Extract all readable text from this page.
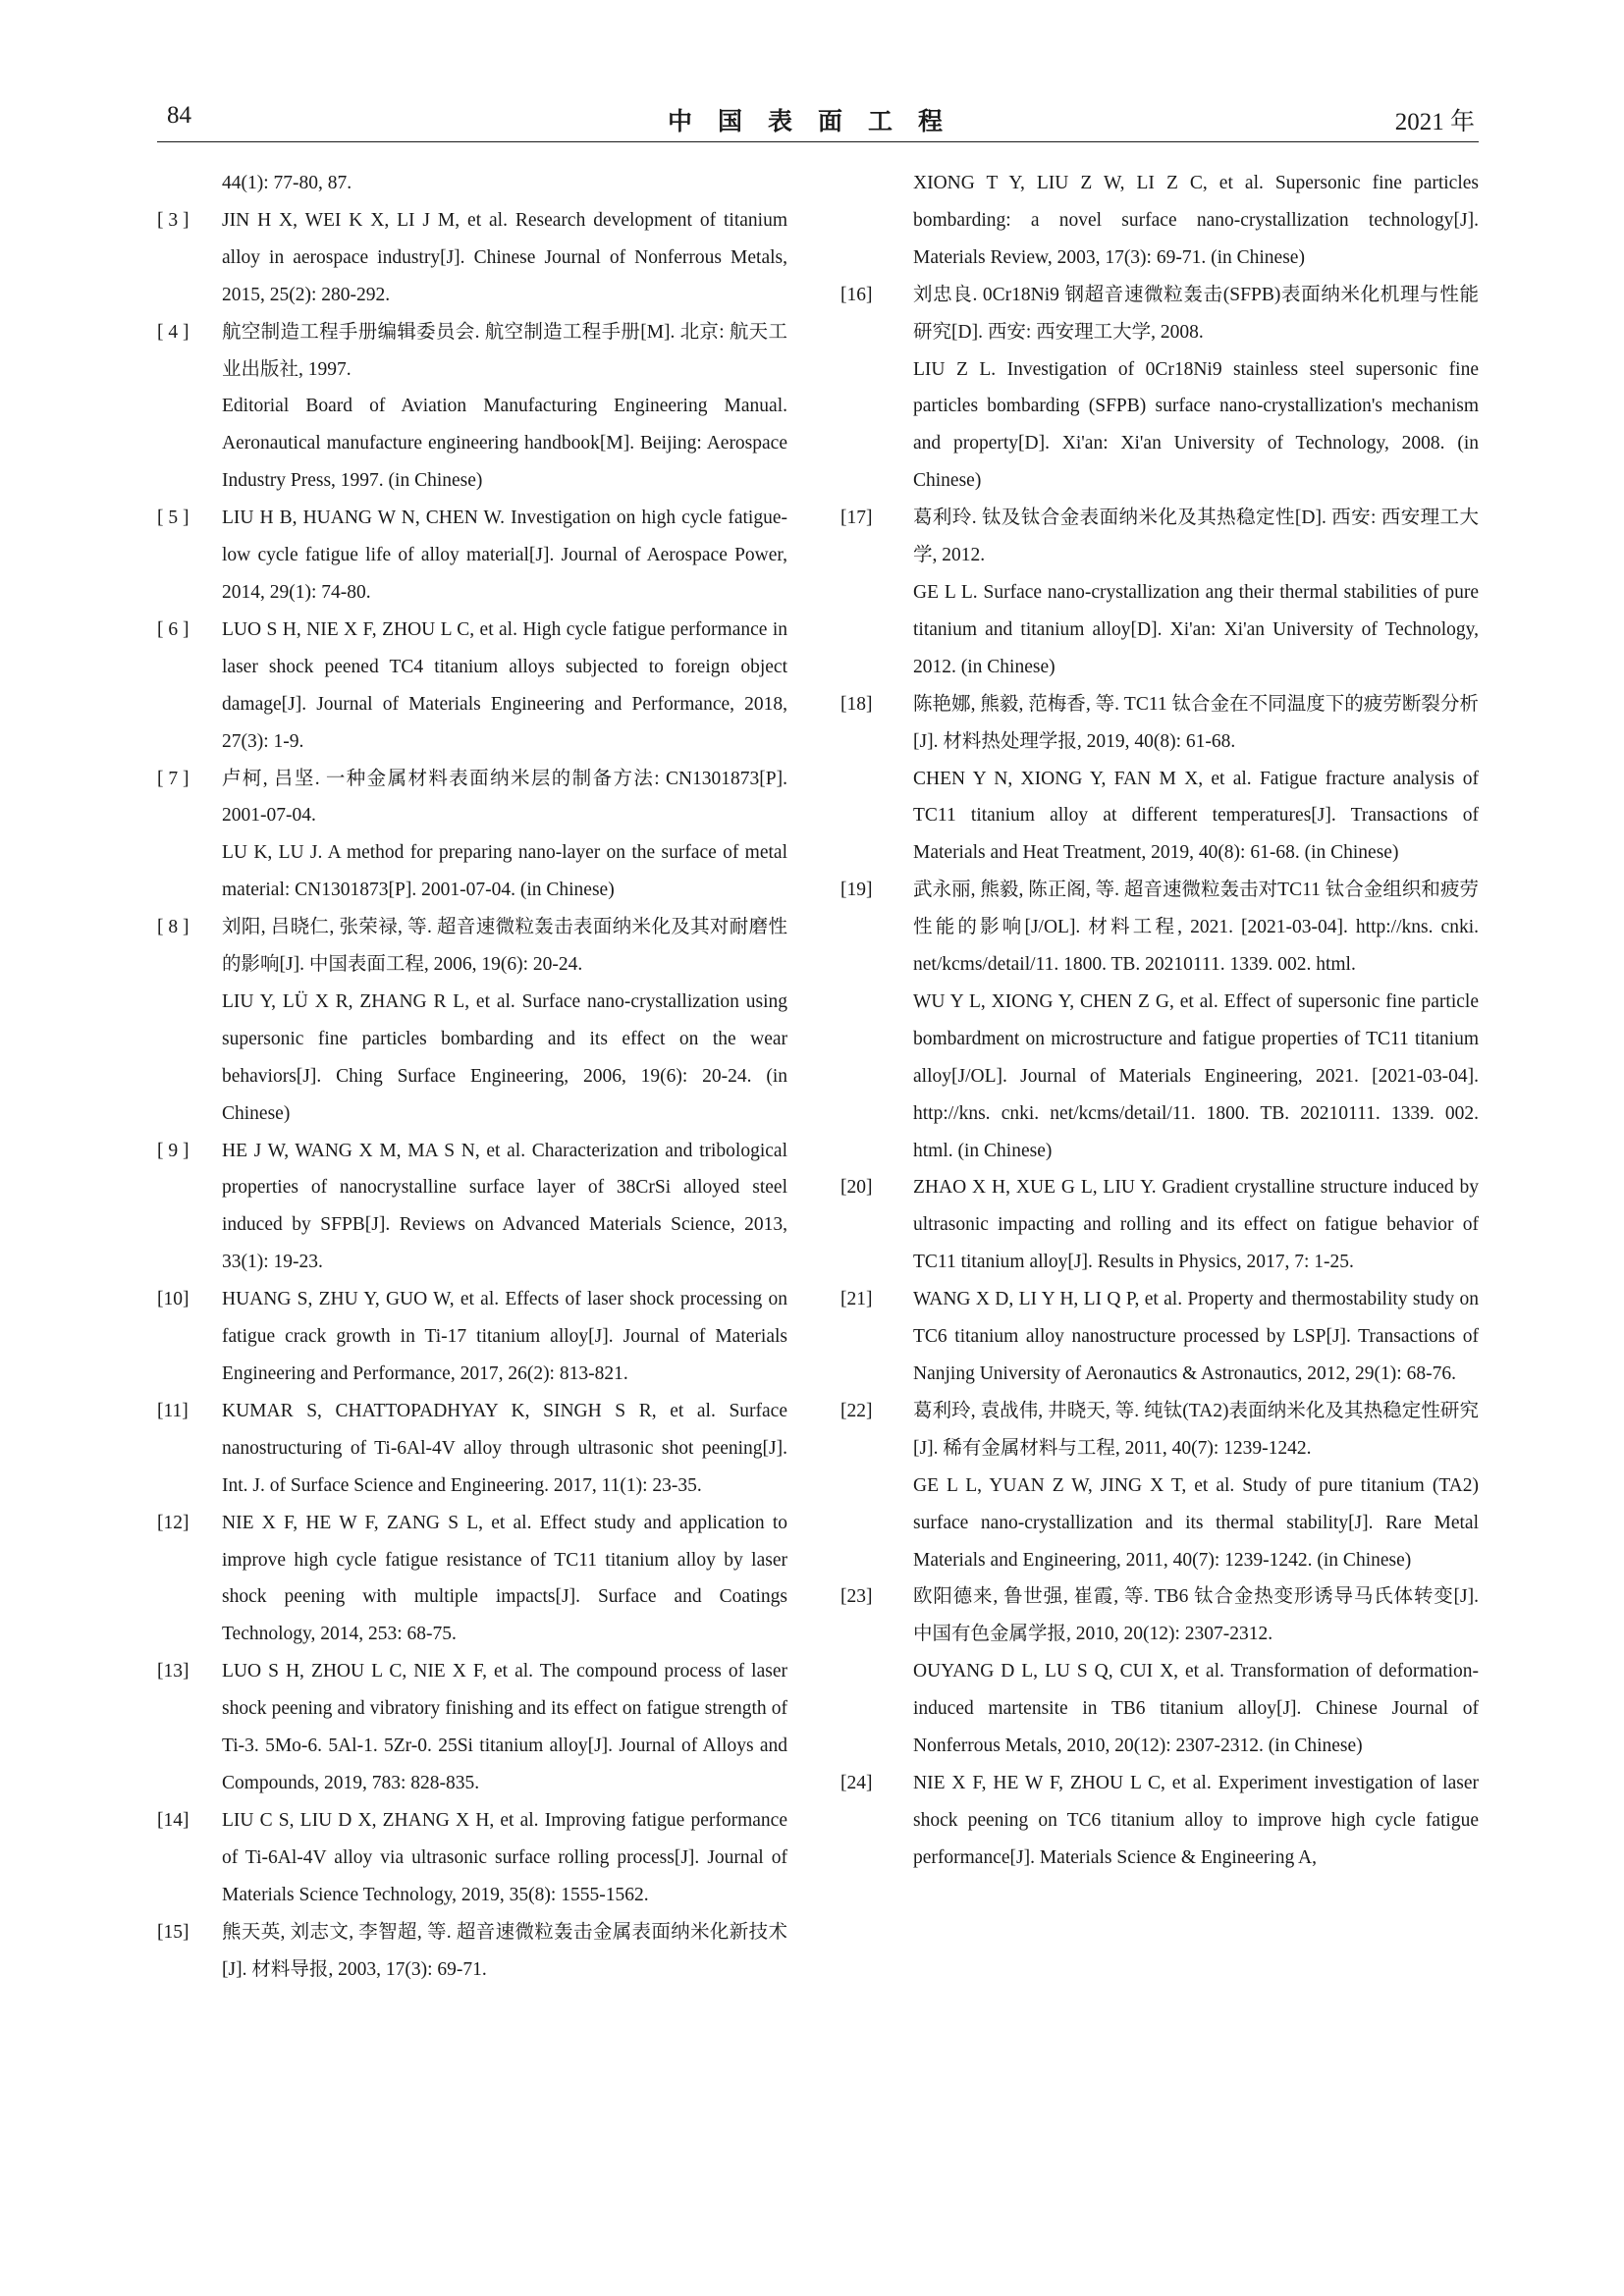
84	中国表面工程	2021 年
44(1): 77-80, 87.
[ 3 ]	JIN H X, WEI K X, LI J M, et al. Research development of titanium alloy in aerospace industry[J]. Chinese Journal of Nonferrous Metals, 2015, 25(2): 280-292.
[ 4 ]	航空制造工程手册编辑委员会. 航空制造工程手册[M]. 北京: 航天工业出版社, 1997.
Editorial Board of Aviation Manufacturing Engineering Manual. Aeronautical manufacture engineering handbook[M]. Beijing: Aerospace Industry Press, 1997. (in Chinese)
[ 5 ]	LIU H B, HUANG W N, CHEN W. Investigation on high cycle fatigue-low cycle fatigue life of alloy material[J]. Journal of Aerospace Power, 2014, 29(1): 74-80.
[ 6 ]	LUO S H, NIE X F, ZHOU L C, et al. High cycle fatigue performance in laser shock peened TC4 titanium alloys subjected to foreign object damage[J]. Journal of Materials Engineering and Performance, 2018, 27(3): 1-9.
[ 7 ]	卢柯, 吕坚. 一种金属材料表面纳米层的制备方法: CN1301873[P]. 2001-07-04.
LU K, LU J. A method for preparing nano-layer on the surface of metal material: CN1301873[P]. 2001-07-04. (in Chinese)
[ 8 ]	刘阳, 吕晓仁, 张荣禄, 等. 超音速微粒轰击表面纳米化及其对耐磨性的影响[J]. 中国表面工程, 2006, 19(6): 20-24.
LIU Y, LÜ X R, ZHANG R L, et al. Surface nano-crystallization using supersonic fine particles bombarding and its effect on the wear behaviors[J]. Ching Surface Engineering, 2006, 19(6): 20-24. (in Chinese)
[ 9 ]	HE J W, WANG X M, MA S N, et al. Characterization and tribological properties of nanocrystalline surface layer of 38CrSi alloyed steel induced by SFPB[J]. Reviews on Advanced Materials Science, 2013, 33(1): 19-23.
[10]	HUANG S, ZHU Y, GUO W, et al. Effects of laser shock processing on fatigue crack growth in Ti-17 titanium alloy[J]. Journal of Materials Engineering and Performance, 2017, 26(2): 813-821.
[11]	KUMAR S, CHATTOPADHYAY K, SINGH S R, et al. Surface nanostructuring of Ti-6Al-4V alloy through ultrasonic shot peening[J]. Int. J. of Surface Science and Engineering. 2017, 11(1): 23-35.
[12]	NIE X F, HE W F, ZANG S L, et al. Effect study and application to improve high cycle fatigue resistance of TC11 titanium alloy by laser shock peening with multiple impacts[J]. Surface and Coatings Technology, 2014, 253: 68-75.
[13]	LUO S H, ZHOU L C, NIE X F, et al. The compound process of laser shock peening and vibratory finishing and its effect on fatigue strength of Ti-3. 5Mo-6. 5Al-1. 5Zr-0. 25Si titanium alloy[J]. Journal of Alloys and Compounds, 2019, 783: 828-835.
[14]	LIU C S, LIU D X, ZHANG X H, et al. Improving fatigue performance of Ti-6Al-4V alloy via ultrasonic surface rolling process[J]. Journal of Materials Science Technology, 2019, 35(8): 1555-1562.
[15]	熊天英, 刘志文, 李智超, 等. 超音速微粒轰击金属表面纳米化新技术[J]. 材料导报, 2003, 17(3): 69-71.
XIONG T Y, LIU Z W, LI Z C, et al. Supersonic fine particles bombarding: a novel surface nano-crystallization technology[J]. Materials Review, 2003, 17(3): 69-71. (in Chinese)
[16]	刘忠良. 0Cr18Ni9 钢超音速微粒轰击(SFPB)表面纳米化机理与性能研究[D]. 西安: 西安理工大学, 2008.
LIU Z L. Investigation of 0Cr18Ni9 stainless steel supersonic fine particles bombarding (SFPB) surface nano-crystallization's mechanism and property[D]. Xi'an: Xi'an University of Technology, 2008. (in Chinese)
[17]	葛利玲. 钛及钛合金表面纳米化及其热稳定性[D]. 西安: 西安理工大学, 2012.
GE L L. Surface nano-crystallization ang their thermal stabilities of pure titanium and titanium alloy[D]. Xi'an: Xi'an University of Technology, 2012. (in Chinese)
[18]	陈艳娜, 熊毅, 范梅香, 等. TC11 钛合金在不同温度下的疲劳断裂分析[J]. 材料热处理学报, 2019, 40(8): 61-68.
CHEN Y N, XIONG Y, FAN M X, et al. Fatigue fracture analysis of TC11 titanium alloy at different temperatures[J]. Transactions of Materials and Heat Treatment, 2019, 40(8): 61-68. (in Chinese)
[19]	武永丽, 熊毅, 陈正阁, 等. 超音速微粒轰击对TC11 钛合金组织和疲劳性能的影响[J/OL]. 材料工程, 2021. [2021-03-04]. http://kns. cnki. net/kcms/detail/11. 1800. TB. 20210111. 1339. 002. html.
WU Y L, XIONG Y, CHEN Z G, et al. Effect of supersonic fine particle bombardment on microstructure and fatigue properties of TC11 titanium alloy[J/OL]. Journal of Materials Engineering, 2021. [2021-03-04]. http://kns. cnki. net/kcms/detail/11. 1800. TB. 20210111. 1339. 002. html. (in Chinese)
[20]	ZHAO X H, XUE G L, LIU Y. Gradient crystalline structure induced by ultrasonic impacting and rolling and its effect on fatigue behavior of TC11 titanium alloy[J]. Results in Physics, 2017, 7: 1-25.
[21]	WANG X D, LI Y H, LI Q P, et al. Property and thermostability study on TC6 titanium alloy nanostructure processed by LSP[J]. Transactions of Nanjing University of Aeronautics & Astronautics, 2012, 29(1): 68-76.
[22]	葛利玲, 袁战伟, 井晓天, 等. 纯钛(TA2)表面纳米化及其热稳定性研究[J]. 稀有金属材料与工程, 2011, 40(7): 1239-1242.
GE L L, YUAN Z W, JING X T, et al. Study of pure titanium (TA2) surface nano-crystallization and its thermal stability[J]. Rare Metal Materials and Engineering, 2011, 40(7): 1239-1242. (in Chinese)
[23]	欧阳德来, 鲁世强, 崔霞, 等. TB6 钛合金热变形诱导马氏体转变[J]. 中国有色金属学报, 2010, 20(12): 2307-2312.
OUYANG D L, LU S Q, CUI X, et al. Transformation of deformation-induced martensite in TB6 titanium alloy[J]. Chinese Journal of Nonferrous Metals, 2010, 20(12): 2307-2312. (in Chinese)
[24]	NIE X F, HE W F, ZHOU L C, et al. Experiment investigation of laser shock peening on TC6 titanium alloy to improve high cycle fatigue performance[J]. Materials Science & Engineering A,
